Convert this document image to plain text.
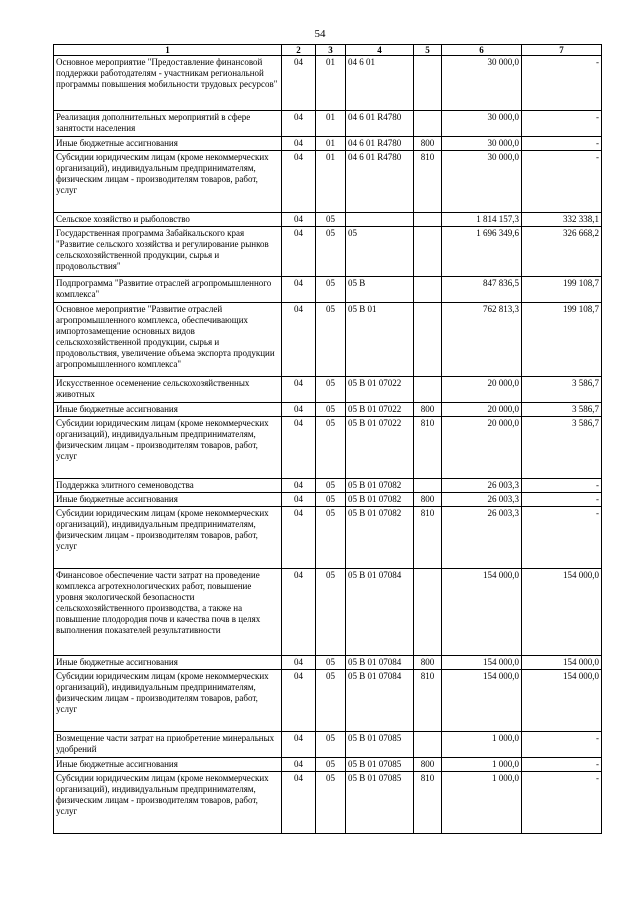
54
1	2	3	4	5	6	7
Основное мероприятие "Предоставление финансовой поддержки работодателям - участникам региональной программы повышения мобильности трудовых ресурсов"	04	01	04 6 01		30 000,0	-
Реализация дополнительных мероприятий в сфере занятости населения	04	01	04 6 01 R4780		30 000,0	-
Иные бюджетные ассигнования	04	01	04 6 01 R4780	800	30 000,0	-
Субсидии юридическим лицам (кроме некоммерческих организаций), индивидуальным предпринимателям, физическим лицам - производителям товаров, работ, услуг	04	01	04 6 01 R4780	810	30 000,0	-
Сельское хозяйство и рыболовство	04	05			1 814 157,3	332 338,1
Государственная программа Забайкальского края "Развитие сельского хозяйства и регулирование рынков сельскохозяйственной продукции, сырья и продовольствия"	04	05	05		1 696 349,6	326 668,2
Подпрограмма "Развитие отраслей агропромышленного комплекса"	04	05	05 В		847 836,5	199 108,7
Основное мероприятие "Развитие отраслей агропромышленного комплекса, обеспечивающих импортозамещение основных видов сельскохозяйственной продукции, сырья и продовольствия, увеличение объема экспорта продукции агропромышленного комплекса"	04	05	05 В 01		762 813,3	199 108,7
Искусственное осеменение сельскохозяйственных животных	04	05	05 В 01 07022		20 000,0	3 586,7
Иные бюджетные ассигнования	04	05	05 В 01 07022	800	20 000,0	3 586,7
Субсидии юридическим лицам (кроме некоммерческих организаций), индивидуальным предпринимателям, физическим лицам - производителям товаров, работ, услуг	04	05	05 В 01 07022	810	20 000,0	3 586,7
Поддержка элитного семеноводства	04	05	05 В 01 07082		26 003,3	-
Иные бюджетные ассигнования	04	05	05 В 01 07082	800	26 003,3	-
Субсидии юридическим лицам (кроме некоммерческих организаций), индивидуальным предпринимателям, физическим лицам - производителям товаров, работ, услуг	04	05	05 В 01 07082	810	26 003,3	-
Финансовое обеспечение части затрат на проведение комплекса агротехнологических работ, повышение уровня экологической безопасности сельскохозяйственного производства, а также на повышение плодородия почв и качества почв в целях выполнения показателей результативности	04	05	05 В 01 07084		154 000,0	154 000,0
Иные бюджетные ассигнования	04	05	05 В 01 07084	800	154 000,0	154 000,0
Субсидии юридическим лицам (кроме некоммерческих организаций), индивидуальным предпринимателям, физическим лицам - производителям товаров, работ, услуг	04	05	05 В 01 07084	810	154 000,0	154 000,0
Возмещение части затрат на приобретение минеральных удобрений	04	05	05 В 01 07085		1 000,0	-
Иные бюджетные ассигнования	04	05	05 В 01 07085	800	1 000,0	-
Субсидии юридическим лицам (кроме некоммерческих организаций), индивидуальным предпринимателям, физическим лицам - производителям товаров, работ, услуг	04	05	05 В 01 07085	810	1 000,0	-
